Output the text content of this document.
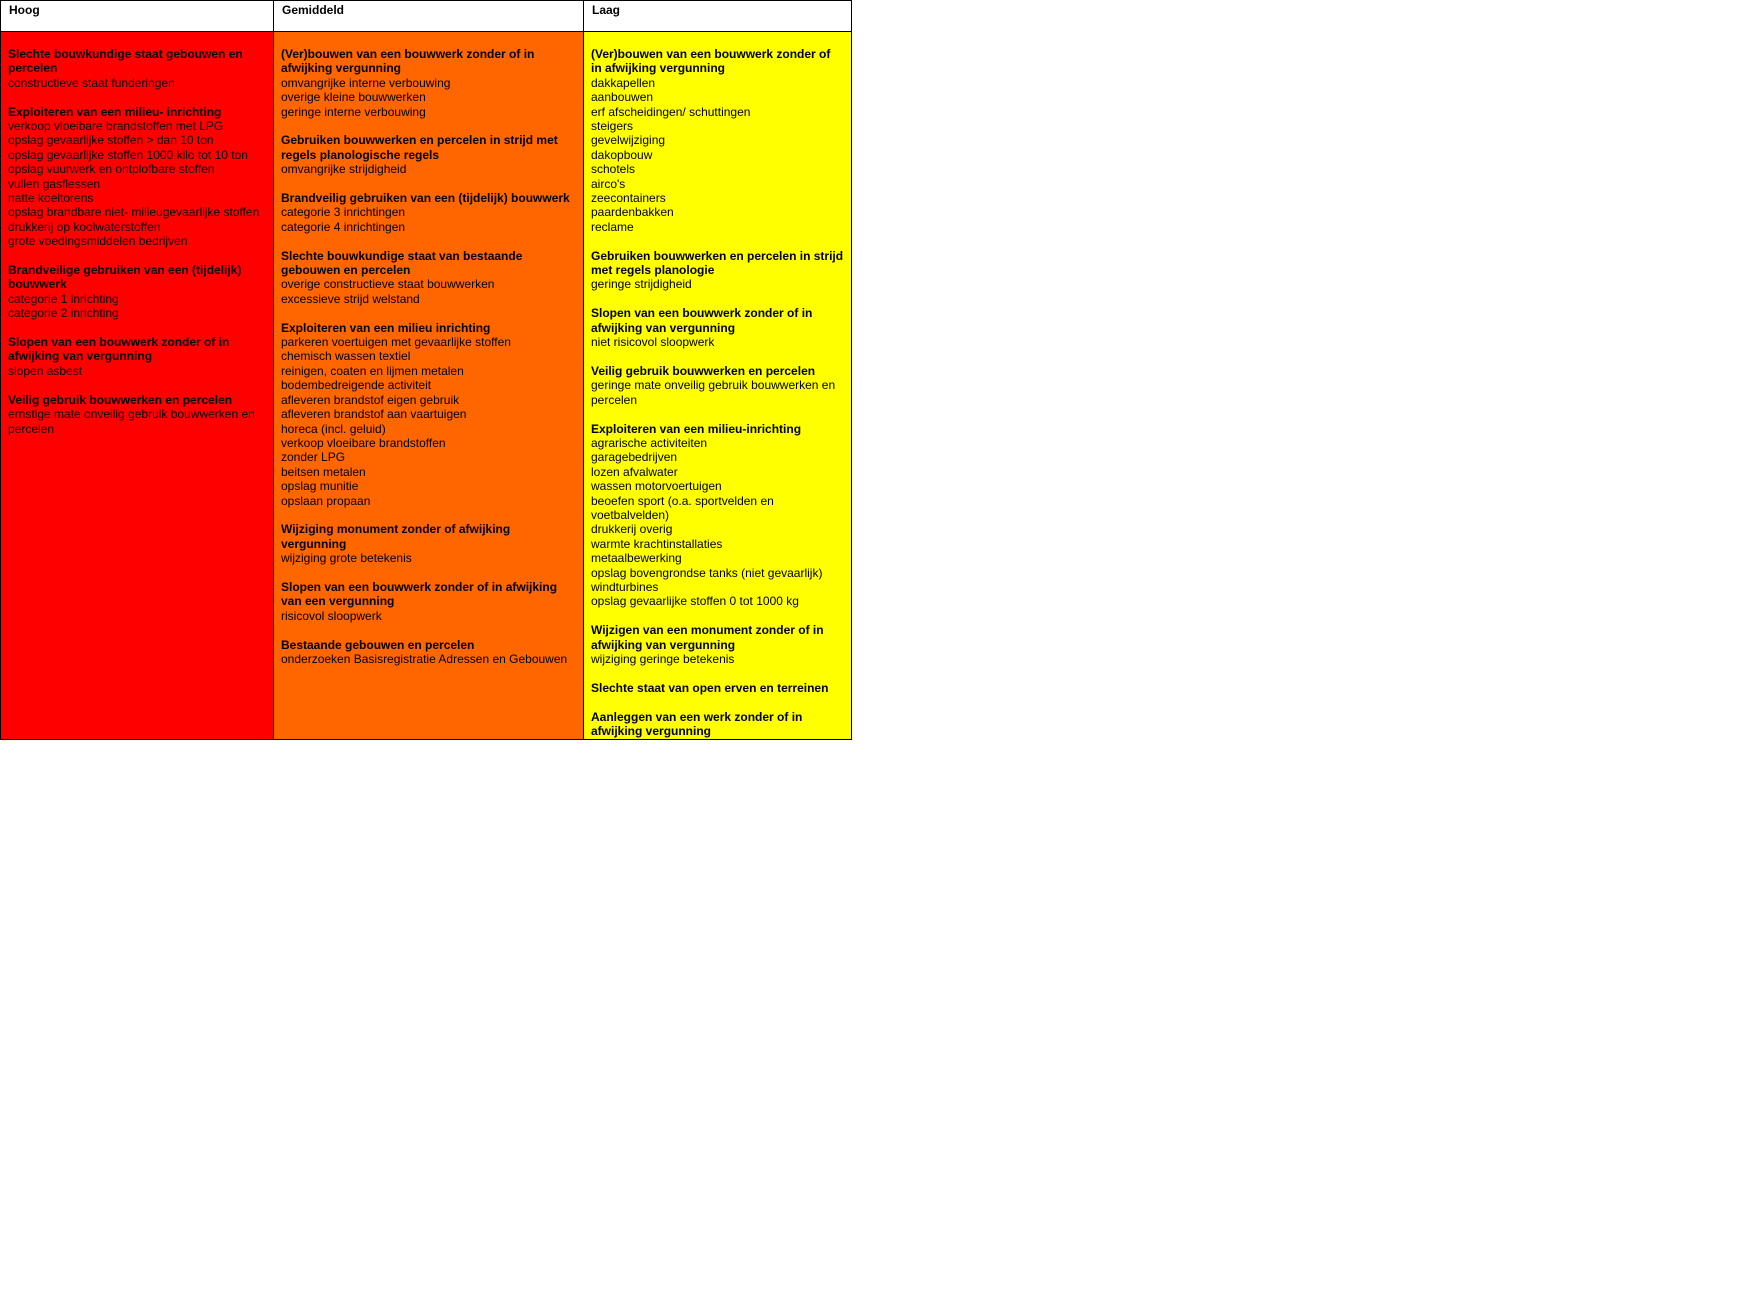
Hoog	Gemiddeld	Laag
Slechte bouwkundige staat gebouwen en percelen
constructieve staat funderingen
Exploiteren van een milieu- inrichting
verkoop vloeibare brandstoffen met LPG
opslag gevaarlijke stoffen > dan 10 ton
opslag gevaarlijke stoffen 1000 kilo tot 10 ton
opslag vuurwerk en ontplofbare stoffen
vullen gasflessen
natte koeltorens
opslag brandbare niet- milieugevaarlijke stoffen
drukkerij op koolwaterstoffen
grote voedingsmiddelen bedrijven
Brandveilige gebruiken van een (tijdelijk) bouwwerk
categorie 1 inrichting
categorie 2 inrichting
Slopen van een bouwwerk zonder of in afwijking van vergunning
slopen asbest
Veilig gebruik bouwwerken en percelen
ernstige mate onveilig gebruik bouwwerken en percelen
(Ver)bouwen van een bouwwerk zonder of in afwijking vergunning
omvangrijke interne verbouwing
overige kleine bouwwerken
geringe interne verbouwing
Gebruiken bouwwerken en percelen in strijd met regels planologische regels
omvangrijke strijdigheid
Brandveilig gebruiken van een (tijdelijk) bouwwerk
categorie 3 inrichtingen
categorie 4 inrichtingen
Slechte bouwkundige staat van bestaande gebouwen en percelen
overige constructieve staat bouwwerken
excessieve strijd welstand
Exploiteren van een milieu inrichting
parkeren voertuigen met gevaarlijke stoffen
chemisch wassen textiel
reinigen, coaten en lijmen metalen
bodembedreigende activiteit
afleveren brandstof eigen gebruik
afleveren brandstof aan vaartuigen
horeca (incl. geluid)
verkoop vloeibare brandstoffen
zonder LPG
beitsen metalen
opslag munitie
opslaan propaan
Wijziging monument zonder of afwijking vergunning
wijziging grote betekenis
Slopen van een bouwwerk zonder of in afwijking van een vergunning
risicovol sloopwerk
Bestaande gebouwen en percelen
onderzoeken Basisregistratie Adressen en Gebouwen
(Ver)bouwen van een bouwwerk zonder of in afwijking vergunning
dakkapellen
aanbouwen
erf afscheidingen/ schuttingen
steigers
gevelwijziging
dakopbouw
schotels
airco's
zeecontainers
paardenbakken
reclame
Gebruiken bouwwerken en percelen in strijd met regels planologie
geringe strijdigheid
Slopen van een bouwwerk zonder of in afwijking van vergunning
niet risicovol sloopwerk
Veilig gebruik bouwwerken en percelen
geringe mate onveilig gebruik bouwwerken en percelen
Exploiteren van een milieu-inrichting
agrarische activiteiten
garagebedrijven
lozen afvalwater
wassen motorvoertuigen
beoefen sport (o.a. sportvelden en voetbalvelden)
drukkerij overig
warmte krachtinstallaties
metaalbewerking
opslag bovengrondse tanks (niet gevaarlijk)
windturbines
opslag gevaarlijke stoffen 0 tot 1000 kg
Wijzigen van een monument zonder of in afwijking van vergunning
wijziging geringe betekenis
Slechte staat van open erven en terreinen
Aanleggen van een werk zonder of in afwijking vergunning
